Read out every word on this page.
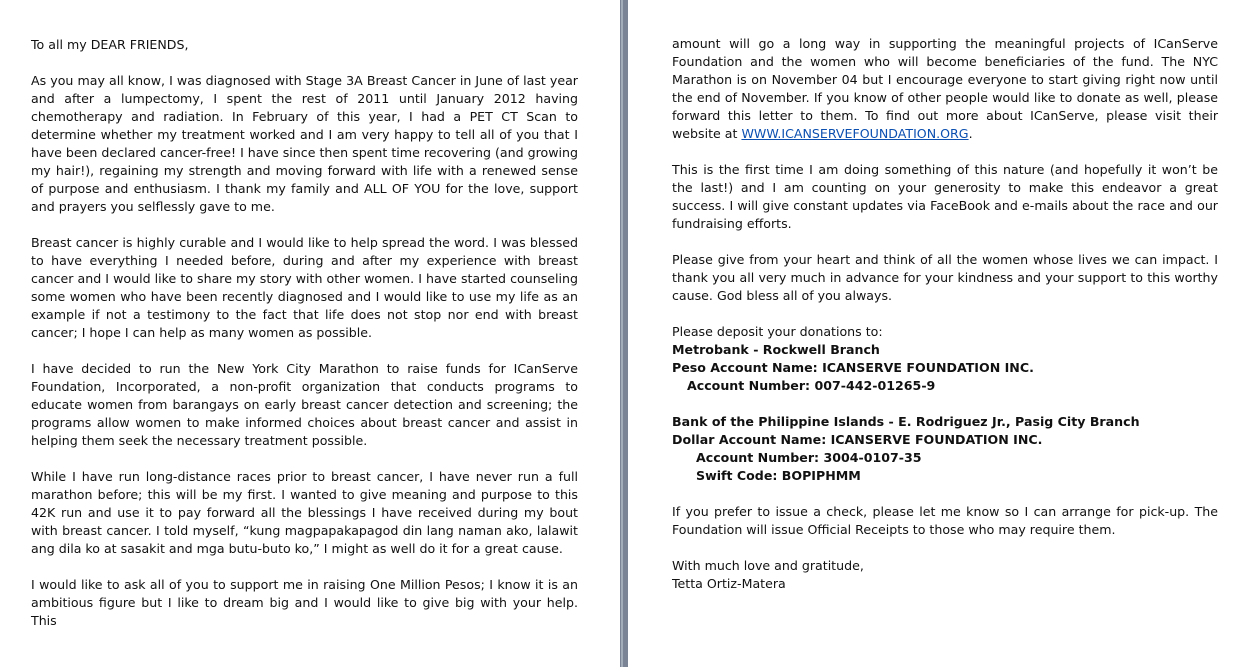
To all my DEAR FRIENDS,

As you may all know, I was diagnosed with Stage 3A Breast Cancer in June of last year and after a lumpectomy, I spent the rest of 2011 until January 2012 having chemotherapy and radiation. In February of this year, I had a PET CT Scan to determine whether my treatment worked and I am very happy to tell all of you that I have been declared cancer-free! I have since then spent time recovering (and growing my hair!), regaining my strength and moving forward with life with a renewed sense of purpose and enthusiasm. I thank my family and ALL OF YOU for the love, support and prayers you selflessly gave to me.

Breast cancer is highly curable and I would like to help spread the word. I was blessed to have everything I needed before, during and after my experience with breast cancer and I would like to share my story with other women. I have started counseling some women who have been recently diagnosed and I would like to use my life as an example if not a testimony to the fact that life does not stop nor end with breast cancer; I hope I can help as many women as possible.

I have decided to run the New York City Marathon to raise funds for ICanServe Foundation, Incorporated, a non-profit organization that conducts programs to educate women from barangays on early breast cancer detection and screening; the programs allow women to make informed choices about breast cancer and assist in helping them seek the necessary treatment possible.

While I have run long-distance races prior to breast cancer, I have never run a full marathon before; this will be my first. I wanted to give meaning and purpose to this 42K run and use it to pay forward all the blessings I have received during my bout with breast cancer. I told myself, “kung magpapakapagod din lang naman ako, lalawit ang dila ko at sasakit and mga butu-buto ko,” I might as well do it for a great cause.

I would like to ask all of you to support me in raising One Million Pesos; I know it is an ambitious figure but I like to dream big and I would like to give big with your help. This

amount will go a long way in supporting the meaningful projects of ICanServe Foundation and the women who will become beneficiaries of the fund. The NYC Marathon is on November 04 but I encourage everyone to start giving right now until the end of November. If you know of other people would like to donate as well, please forward this letter to them. To find out more about ICanServe, please visit their website at WWW.ICANSERVEFOUNDATION.ORG.

This is the first time I am doing something of this nature (and hopefully it won’t be the last!) and I am counting on your generosity to make this endeavor a great success. I will give constant updates via FaceBook and e-mails about the race and our fundraising efforts.

Please give from your heart and think of all the women whose lives we can impact. I thank you all very much in advance for your kindness and your support to this worthy cause. God bless all of you always.

Please deposit your donations to:
Metrobank - Rockwell Branch
Peso Account Name: ICANSERVE FOUNDATION INC.
Account Number: 007-442-01265-9
Bank of the Philippine Islands - E. Rodriguez Jr., Pasig City Branch
Dollar Account Name: ICANSERVE FOUNDATION INC.
Account Number: 3004-0107-35
Swift Code: BOPIPHMM

If you prefer to issue a check, please let me know so I can arrange for pick-up. The Foundation will issue Official Receipts to those who may require them.

With much love and gratitude,
Tetta Ortiz-Matera
